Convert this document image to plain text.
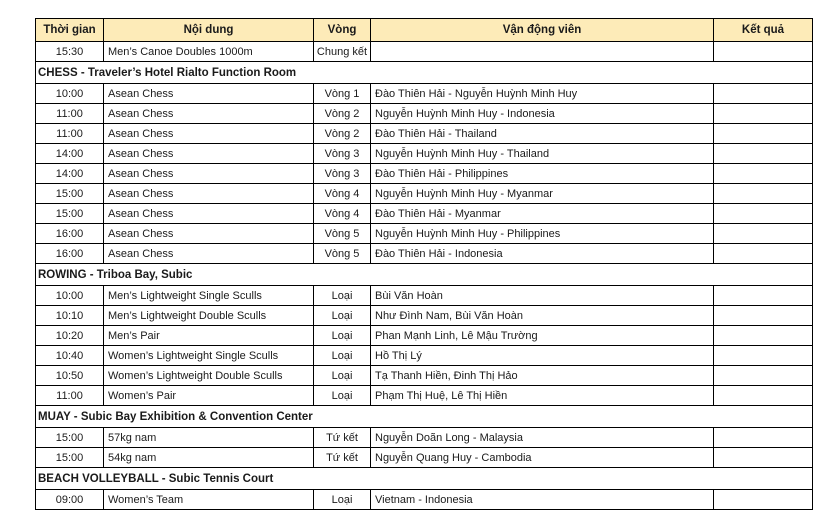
Thời gian	Nội dung	Vòng	Vận động viên	Kết quả
15:30	Men’s Canoe Doubles 1000m	Chung kết		
CHESS - Traveler’s Hotel Rialto Function Room				
10:00	Asean Chess	Vòng 1	Đào Thiên Hải - Nguyễn Huỳnh Minh Huy	
11:00	Asean Chess	Vòng 2	Nguyễn Huỳnh Minh Huy - Indonesia	
11:00	Asean Chess	Vòng 2	Đào Thiên Hải - Thailand	
14:00	Asean Chess	Vòng 3	Nguyễn Huỳnh Minh Huy - Thailand	
14:00	Asean Chess	Vòng 3	Đào Thiên Hải - Philippines	
15:00	Asean Chess	Vòng 4	Nguyễn Huỳnh Minh Huy - Myanmar	
15:00	Asean Chess	Vòng 4	Đào Thiên Hải - Myanmar	
16:00	Asean Chess	Vòng 5	Nguyễn Huỳnh Minh Huy - Philippines	
16:00	Asean Chess	Vòng 5	Đào Thiên Hải - Indonesia	
ROWING - Triboa Bay, Subic				
10:00	Men’s Lightweight Single Sculls	Loại	Bùi Văn Hoàn	
10:10	Men’s Lightweight Double Sculls	Loại	Như Đình Nam, Bùi Văn Hoàn	
10:20	Men’s Pair	Loại	Phan Mạnh Linh, Lê Mậu Trường	
10:40	Women’s Lightweight Single Sculls	Loại	Hồ Thị Lý	
10:50	Women’s Lightweight Double Sculls	Loại	Tạ Thanh Hiền, Đinh Thị Hảo	
11:00	Women’s Pair	Loại	Phạm Thị Huệ, Lê Thị Hiền	
MUAY - Subic Bay Exhibition & Convention Center				
15:00	57kg nam	Tứ kết	Nguyễn Doãn Long - Malaysia	
15:00	54kg nam	Tứ kết	Nguyễn Quang Huy - Cambodia	
BEACH VOLLEYBALL - Subic Tennis Court				
09:00	Women’s Team	Loại	Vietnam - Indonesia	
